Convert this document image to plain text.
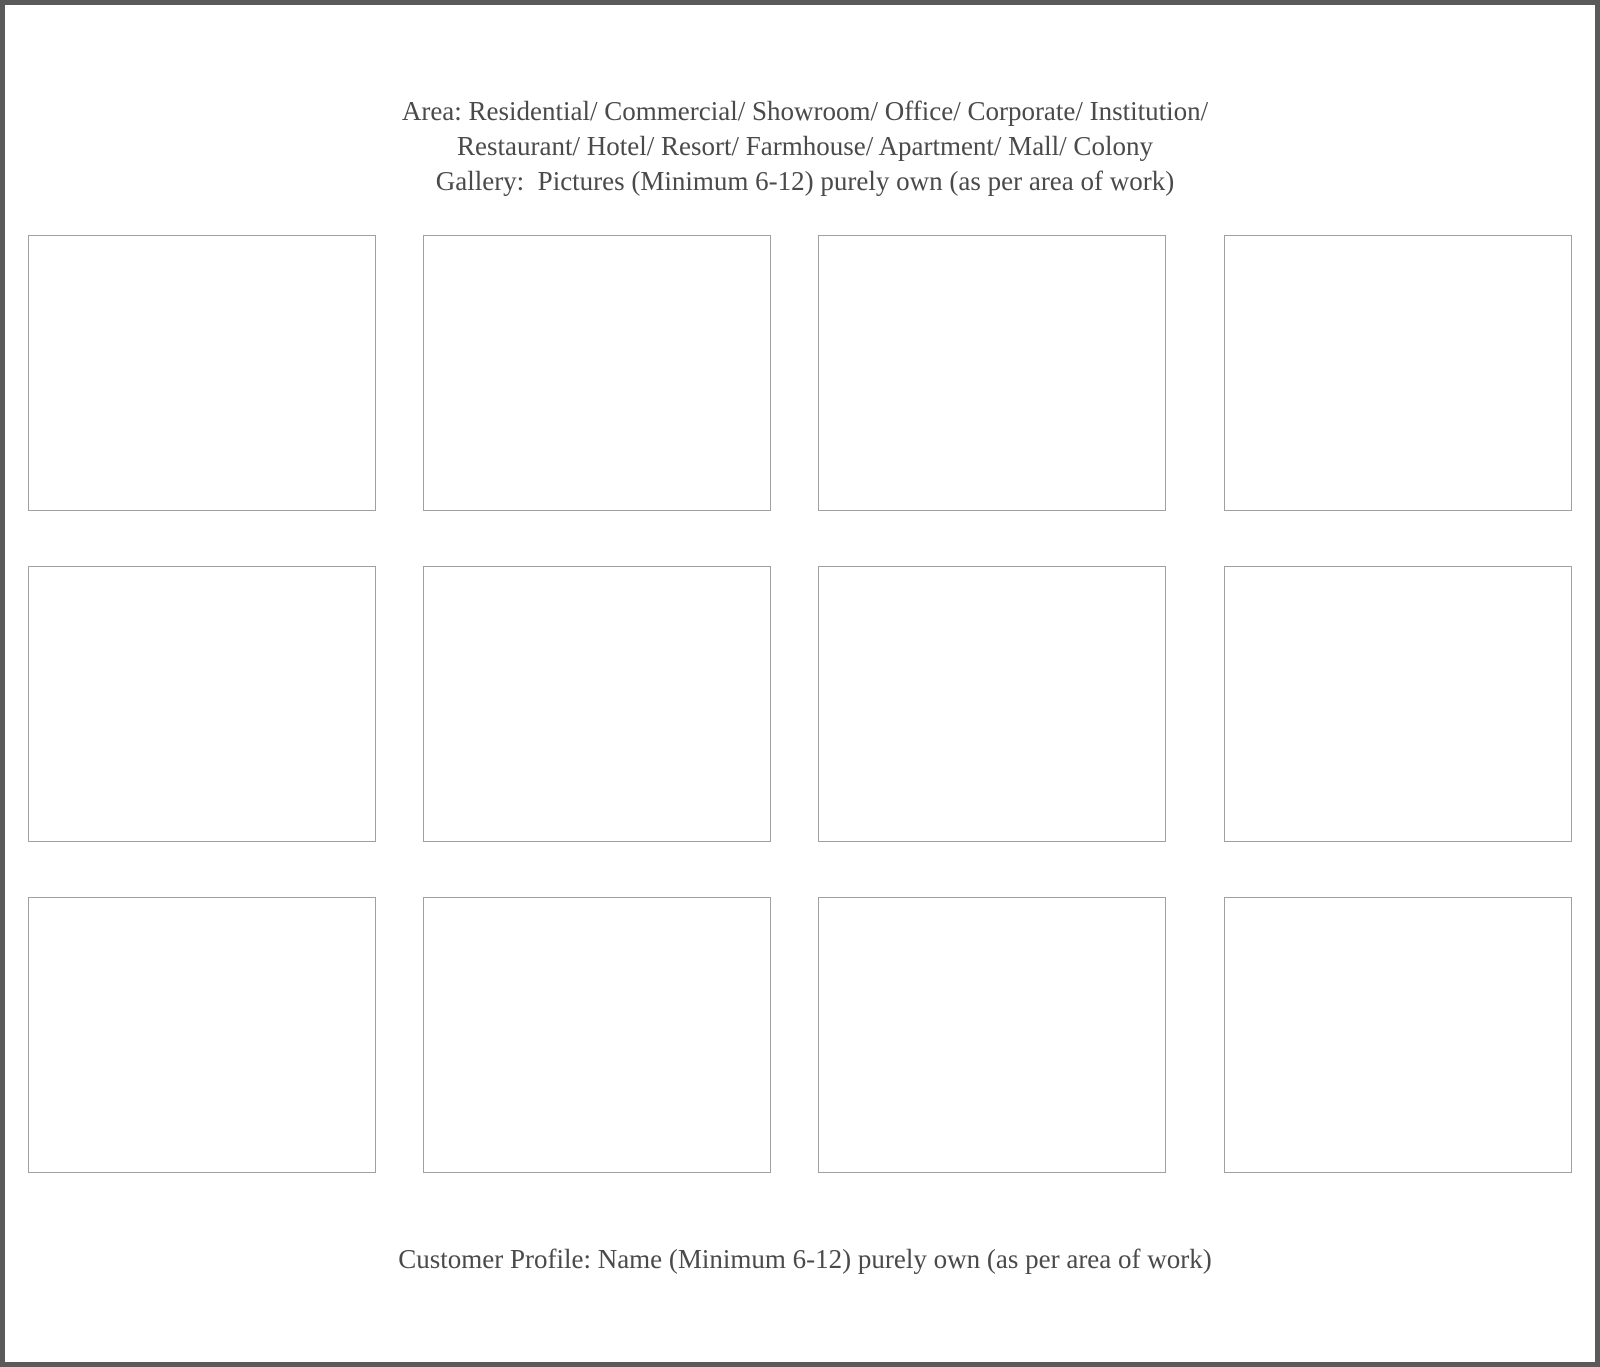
Area: Residential/ Commercial/ Showroom/ Office/ Corporate/ Institution/
Restaurant/ Hotel/ Resort/ Farmhouse/ Apartment/ Mall/ Colony
Gallery:  Pictures (Minimum 6-12) purely own (as per area of work)
Customer Profile: Name (Minimum 6-12) purely own (as per area of work)
